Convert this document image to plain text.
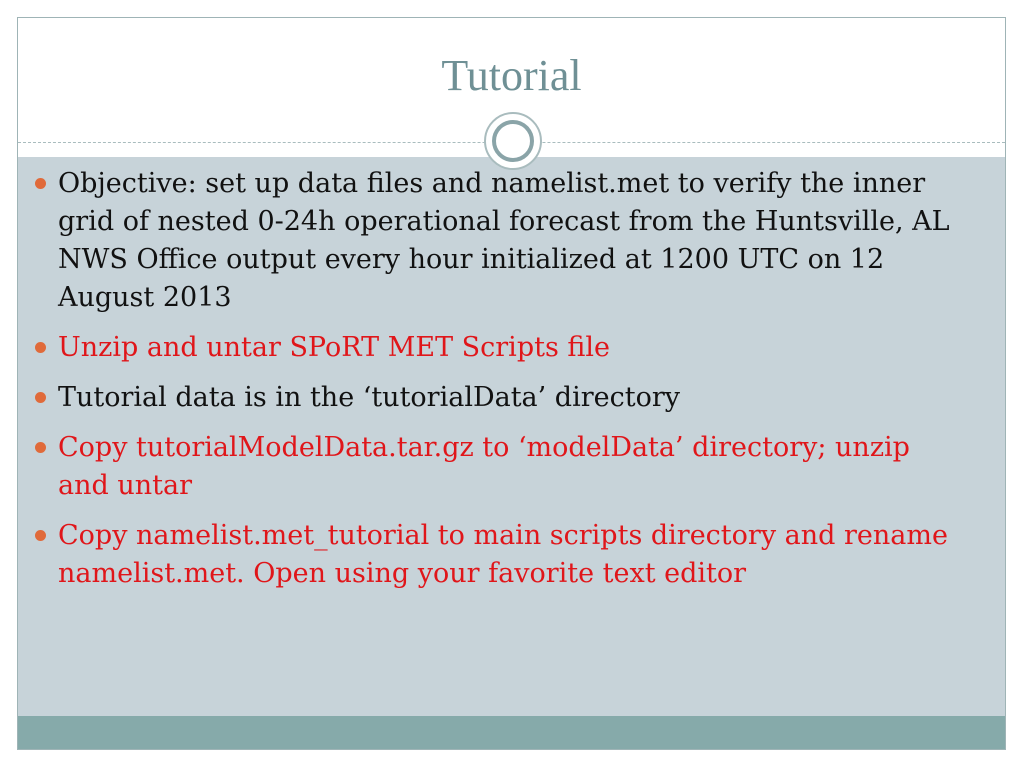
Tutorial
Objective: set up data files and namelist.met to verify the inner grid of nested 0-24h operational forecast from the Huntsville, AL NWS Office output every hour initialized at 1200 UTC on 12 August 2013
Unzip and untar SPoRT MET Scripts file
Tutorial data is in the ‘tutorialData’ directory
Copy tutorialModelData.tar.gz to ‘modelData’ directory; unzip and untar
Copy namelist.met_tutorial to main scripts directory and rename namelist.met. Open using your favorite text editor
